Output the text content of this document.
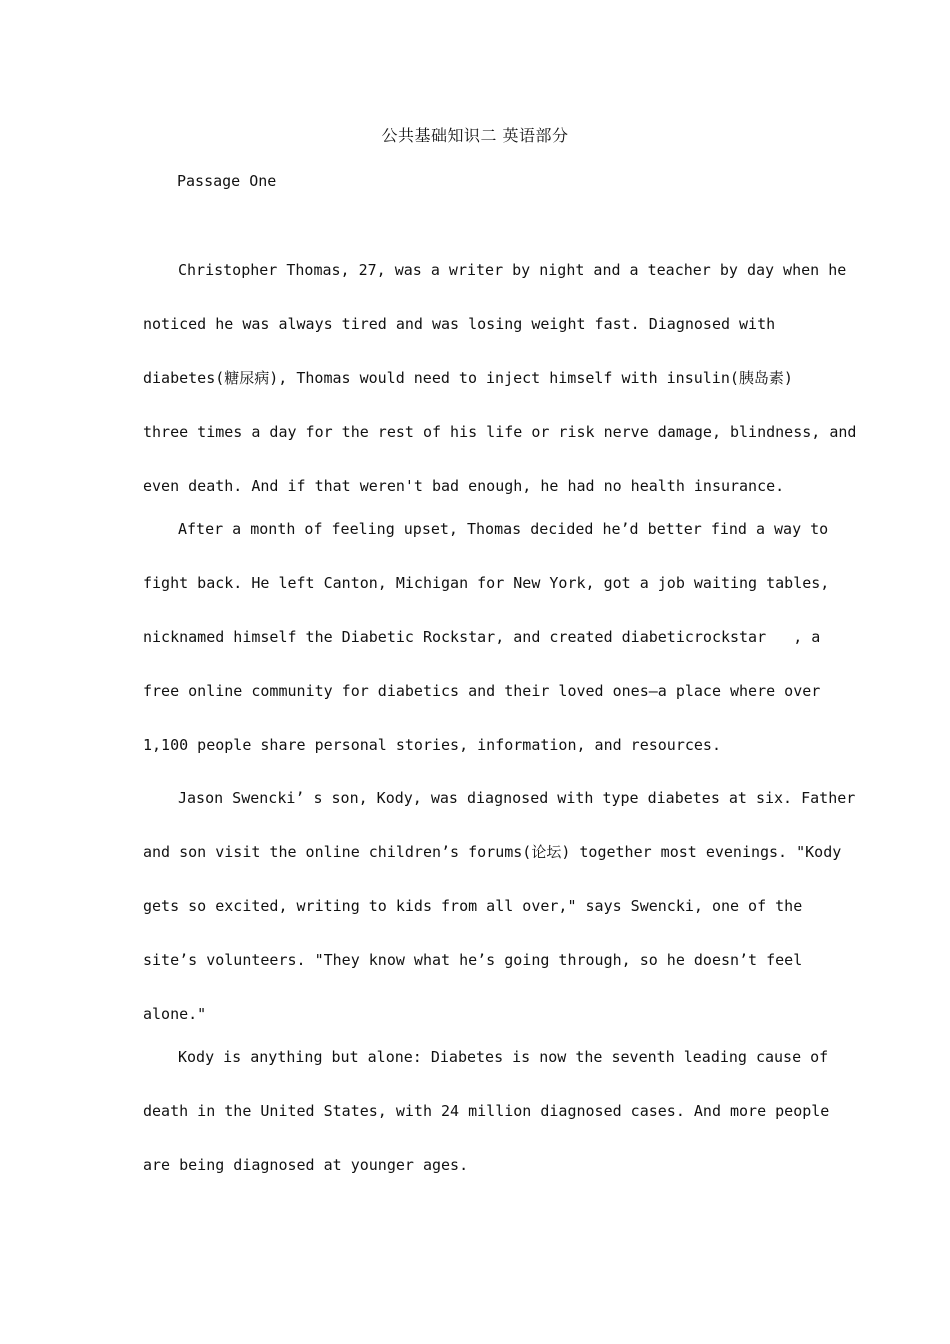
公共基础知识二 英语部分
Passage One
Christopher Thomas, 27, was a writer by night and a teacher by day when he
noticed he was always tired and was losing weight fast. Diagnosed with
diabetes(糖尿病), Thomas would need to inject himself with insulin(胰岛素)
three times a day for the rest of his life or risk nerve damage, blindness, and
even death. And if that weren't bad enough, he had no health insurance.
After a month of feeling upset, Thomas decided he’d better find a way to
fight back. He left Canton, Michigan for New York, got a job waiting tables,
nicknamed himself the Diabetic Rockstar, and created diabeticrockstar   , a
free online community for diabetics and their loved ones—a place where over
1,100 people share personal stories, information, and resources.
Jason Swencki’ s son, Kody, was diagnosed with type diabetes at six. Father
and son visit the online children’s forums(论坛) together most evenings. "Kody
gets so excited, writing to kids from all over," says Swencki, one of the
site’s volunteers. "They know what he’s going through, so he doesn’t feel
alone."
Kody is anything but alone: Diabetes is now the seventh leading cause of
death in the United States, with 24 million diagnosed cases. And more people
are being diagnosed at younger ages.
